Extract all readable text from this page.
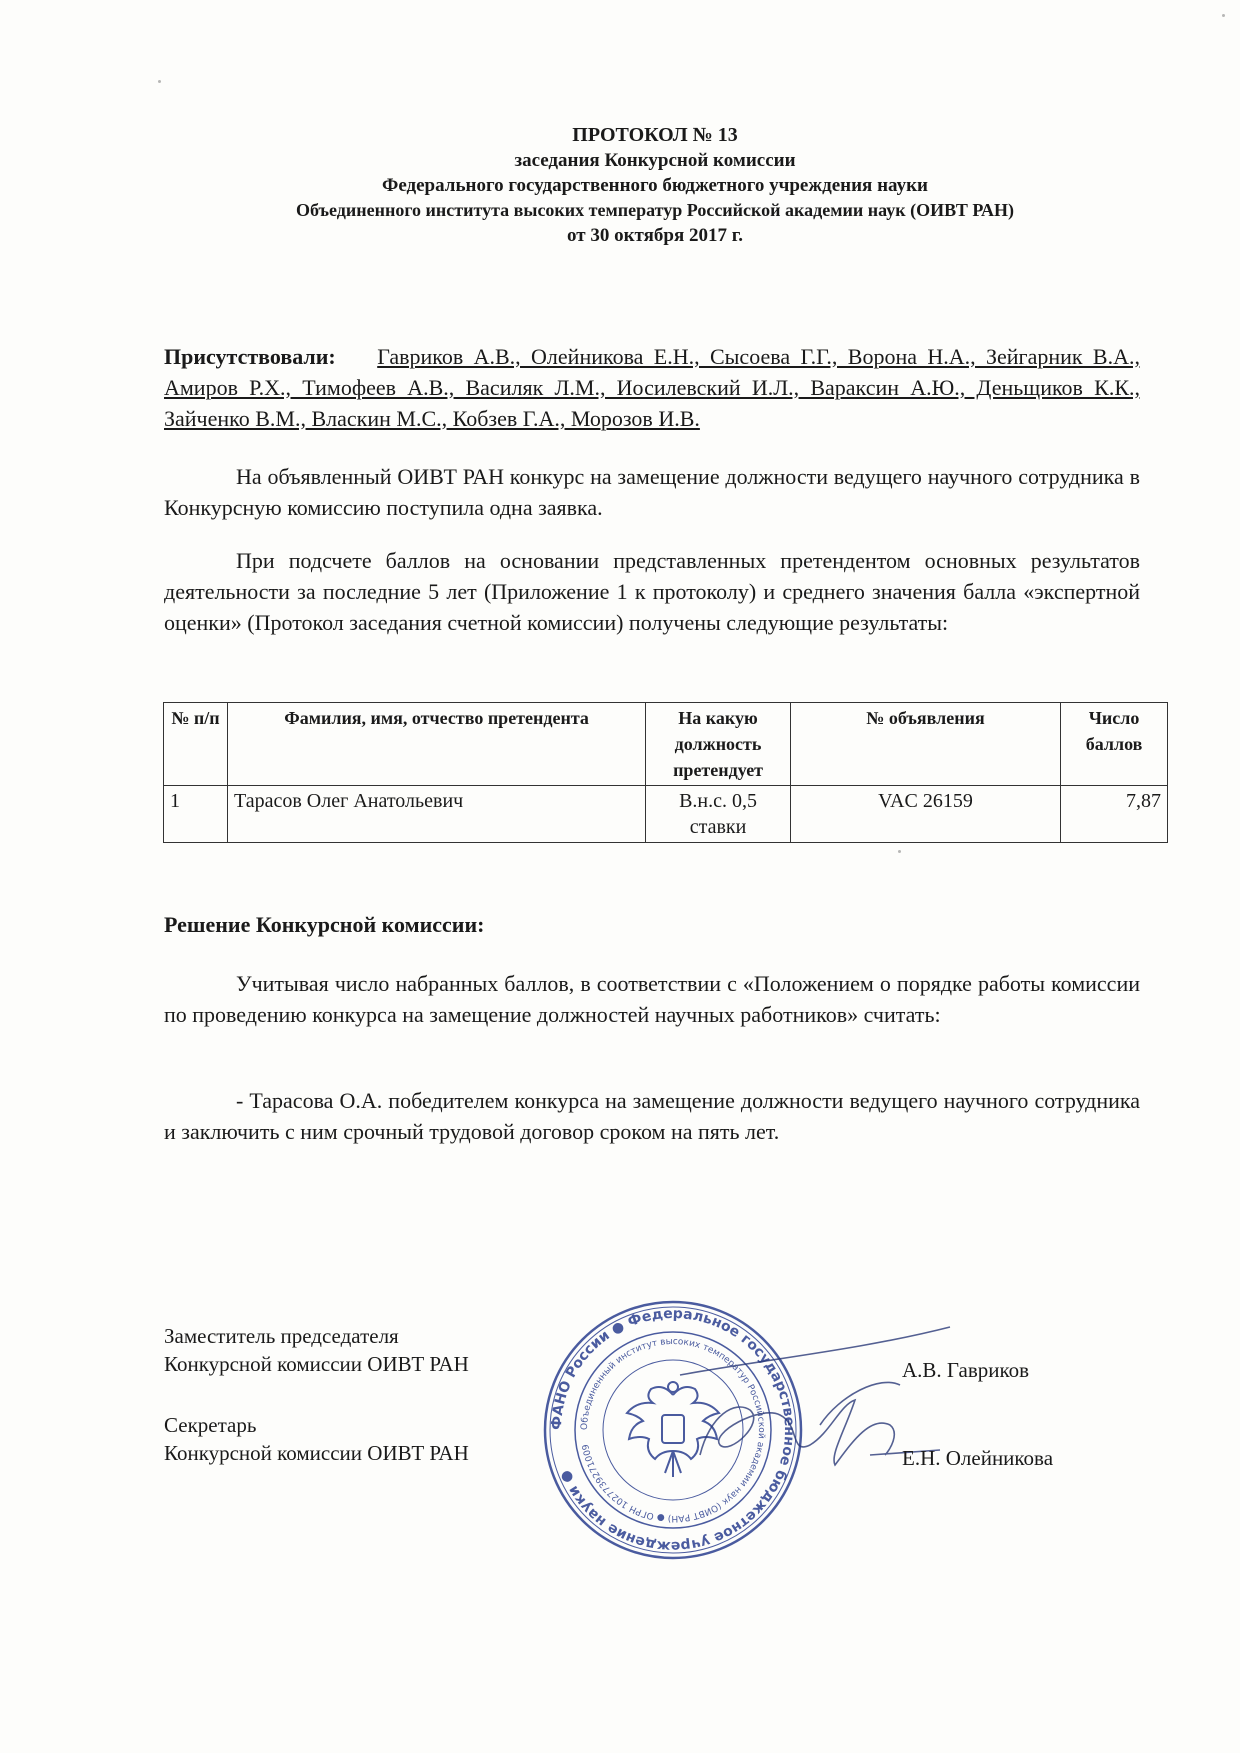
ПРОТОКОЛ № 13
заседания Конкурсной комиссии
Федерального государственного бюджетного учреждения науки
Объединенного института высоких температур Российской академии наук (ОИВТ РАН)
от 30 октября 2017 г.
Присутствовали: Гавриков А.В., Олейникова Е.Н., Сысоева Г.Г., Ворона Н.А., Зейгарник В.А., Амиров Р.Х., Тимофеев А.В., Василяк Л.М., Иосилевский И.Л., Вараксин А.Ю., Деньщиков К.К., Зайченко В.М., Власкин М.С., Кобзев Г.А., Морозов И.В.
На объявленный ОИВТ РАН конкурс на замещение должности ведущего научного сотрудника в Конкурсную комиссию поступила одна заявка.
При подсчете баллов на основании представленных претендентом основных результатов деятельности за последние 5 лет (Приложение 1 к протоколу) и среднего значения балла «экспертной оценки» (Протокол заседания счетной комиссии) получены следующие результаты:
№ п/п	Фамилия, имя, отчество претендента	На какую должность претендует	№ объявления	Число баллов
1	Тарасов Олег Анатольевич	В.н.с. 0,5 ставки	VAC 26159	7,87
Решение Конкурсной комиссии:
Учитывая число набранных баллов, в соответствии с «Положением о порядке работы комиссии по проведению конкурса на замещение должностей научных работников» считать:
- Тарасова О.А. победителем конкурса на замещение должности ведущего научного сотрудника и заключить с ним срочный трудовой договор сроком на пять лет.
ФАНО России ● Федеральное государственное бюджетное учреждение науки ●
Объединенный институт высоких температур Российской академии наук (ОИВТ РАН) ● ОГРН 1027739271009
Заместитель председателя
Конкурсной комиссии ОИВТ РАН	А.В. Гавриков
Секретарь
Конкурсной комиссии ОИВТ РАН	Е.Н. Олейникова
